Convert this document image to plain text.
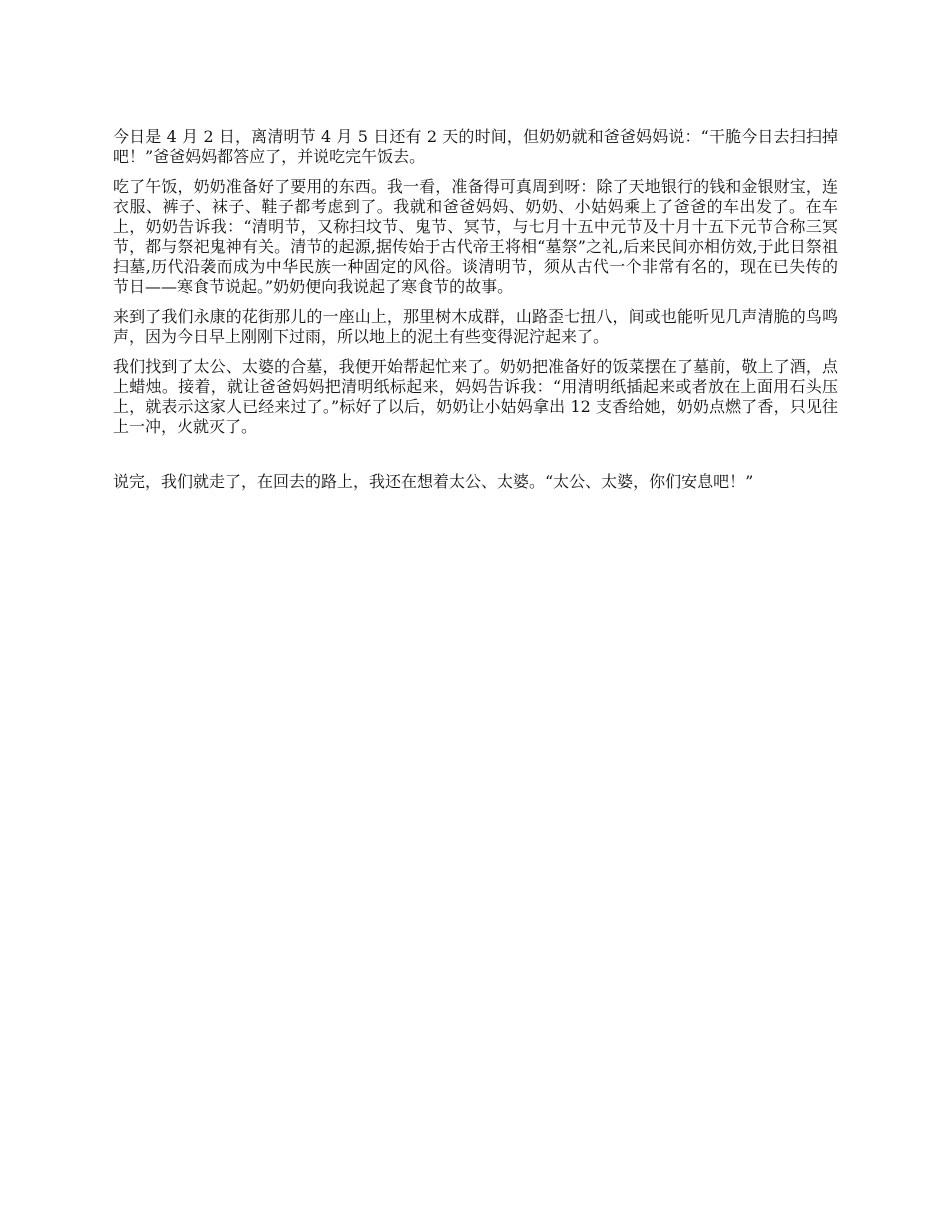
今日是 4 月 2 日，离清明节 4 月 5 日还有 2 天的时间，但奶奶就和爸爸妈妈说：“干脆今日去扫扫掉吧！”爸爸妈妈都答应了，并说吃完午饭去。

吃了午饭，奶奶准备好了要用的东西。我一看，准备得可真周到呀：除了天地银行的钱和金银财宝，连衣服、裤子、袜子、鞋子都考虑到了。我就和爸爸妈妈、奶奶、小姑妈乘上了爸爸的车出发了。在车上，奶奶告诉我：“清明节，又称扫坟节、鬼节、冥节，与七月十五中元节及十月十五下元节合称三冥节，都与祭祀鬼神有关。清节的起源,据传始于古代帝王将相“墓祭”之礼,后来民间亦相仿效,于此日祭祖扫墓,历代沿袭而成为中华民族一种固定的风俗。谈清明节，须从古代一个非常有名的，现在已失传的节日——寒食节说起。”奶奶便向我说起了寒食节的故事。

来到了我们永康的花街那儿的一座山上，那里树木成群，山路歪七扭八，间或也能听见几声清脆的鸟鸣声，因为今日早上刚刚下过雨，所以地上的泥土有些变得泥泞起来了。

我们找到了太公、太婆的合墓，我便开始帮起忙来了。奶奶把准备好的饭菜摆在了墓前，敬上了酒，点上蜡烛。接着，就让爸爸妈妈把清明纸标起来，妈妈告诉我：“用清明纸插起来或者放在上面用石头压上，就表示这家人已经来过了。”标好了以后，奶奶让小姑妈拿出 12 支香给她，奶奶点燃了香，只见往上一冲，火就灭了。

说完，我们就走了，在回去的路上，我还在想着太公、太婆。“太公、太婆，你们安息吧！”
